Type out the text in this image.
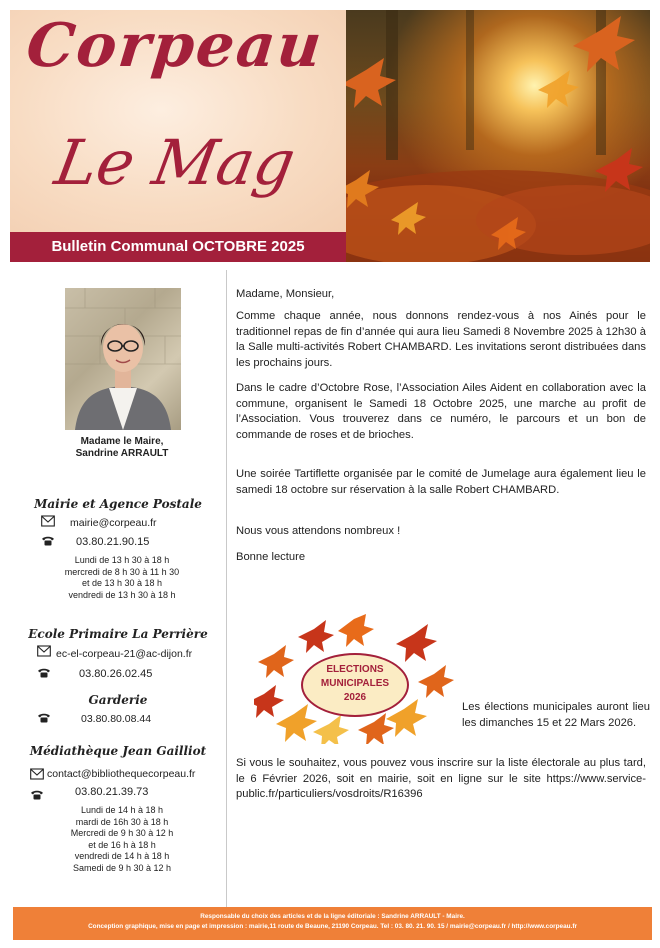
Corpeau
Le Mag
Bulletin Communal OCTOBRE 2025
Madame le Maire,
Sandrine ARRAULT
Mairie et Agence Postale
mairie@corpeau.fr
03.80.21.90.15
Lundi de 13 h 30 à 18 h
mercredi de 8 h 30 à 11 h 30
et de 13 h 30 à 18 h
vendredi de 13 h 30 à 18 h
Ecole Primaire La Perrière
ec-el-corpeau-21@ac-dijon.fr
03.80.26.02.45
Garderie
03.80.80.08.44
Médiathèque Jean Gailliot
contact@bibliothequecorpeau.fr
03.80.21.39.73
Lundi de 14 h à 18 h
mardi de 16h 30 à 18 h
Mercredi de 9 h 30 à 12 h
et de 16 h à 18 h
vendredi de 14 h à 18 h
Samedi de 9 h 30 à 12 h
Madame, Monsieur,
Comme chaque année, nous donnons rendez-vous à nos Ainés pour le traditionnel repas de fin d’année qui aura lieu Samedi 8 Novembre 2025 à 12h30 à la Salle multi-activités Robert CHAMBARD. Les invitations seront distribuées dans les prochains jours.
Dans le cadre d’Octobre Rose, l’Association Ailes Aident en collaboration avec la commune, organisent le Samedi 18 Octobre 2025, une marche au profit de l’Association. Vous trouverez dans ce numéro, le parcours et un bon de commande de roses et de brioches.
Une soirée Tartiflette organisée par le comité de Jumelage aura également lieu le samedi 18 octobre sur réservation à la salle Robert CHAMBARD.
Nous vous attendons nombreux !
Bonne lecture
ELECTIONS
MUNICIPALES
2026
Les élections municipales auront lieu les dimanches 15 et 22 Mars 2026.
Si vous le souhaitez, vous pouvez vous inscrire sur la liste électorale au plus tard, le 6 Février 2026, soit en mairie, soit en ligne sur le site https://www.service-public.fr/particuliers/vosdroits/R16396
Responsable du choix des articles et de la ligne éditoriale : Sandrine ARRAULT - Maire.
Conception graphique, mise en page et impression : mairie,11 route de Beaune, 21190 Corpeau. Tel : 03. 80. 21. 90. 15 / mairie@corpeau.fr / http://www.corpeau.fr
